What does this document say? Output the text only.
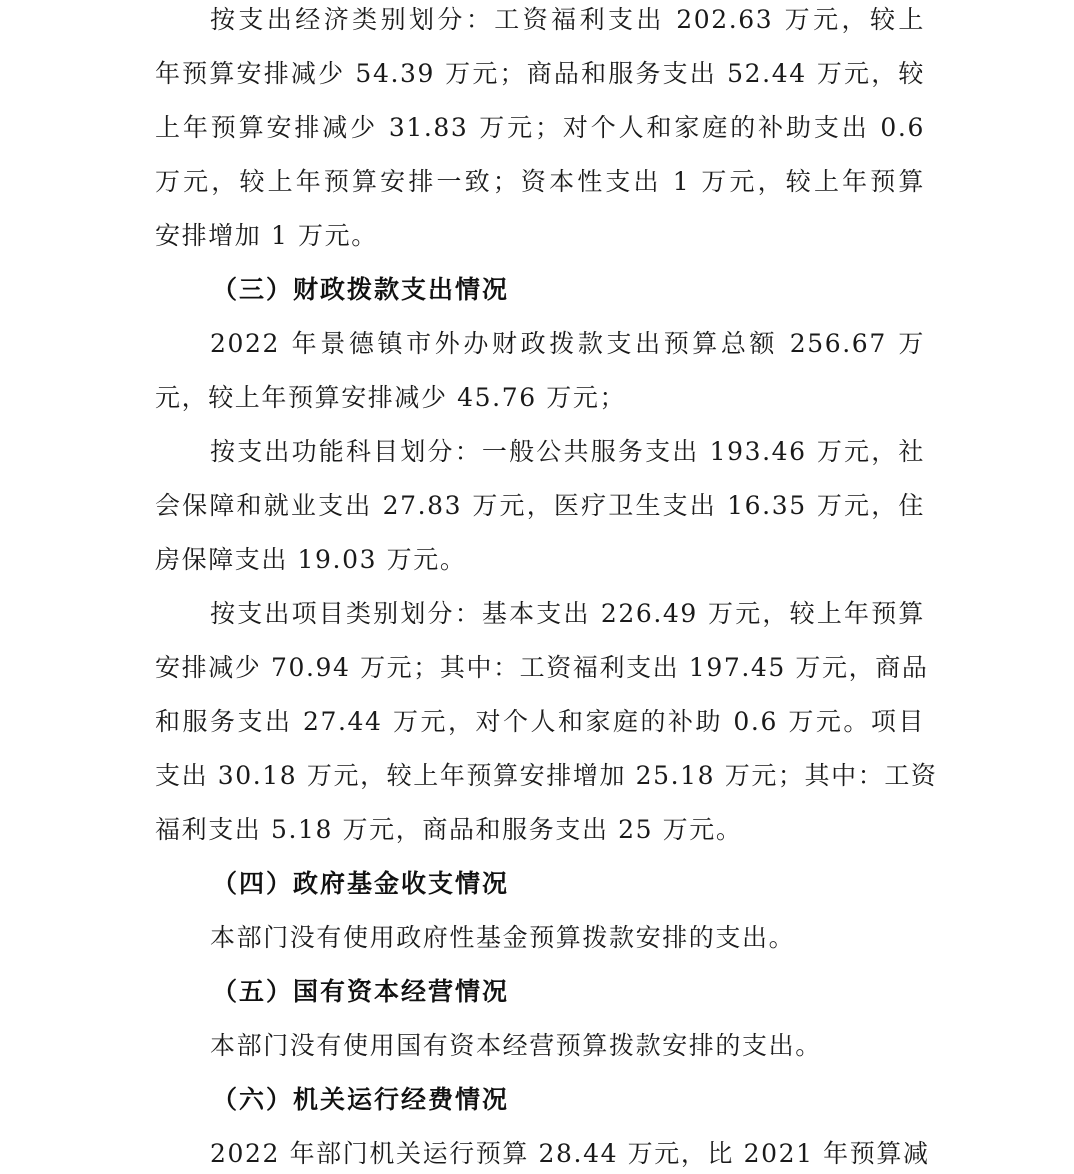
按支出经济类别划分：工资福利支出 202.63 万元，较上
年预算安排减少 54.39 万元；商品和服务支出 52.44 万元，较
上年预算安排减少 31.83 万元；对个人和家庭的补助支出 0.6
万元，较上年预算安排一致；资本性支出 1 万元，较上年预算
安排增加 1 万元。
（三）财政拨款支出情况
2022 年景德镇市外办财政拨款支出预算总额 256.67 万
元，较上年预算安排减少 45.76 万元；
按支出功能科目划分：一般公共服务支出 193.46 万元，社
会保障和就业支出 27.83 万元，医疗卫生支出 16.35 万元，住
房保障支出 19.03 万元。
按支出项目类别划分：基本支出 226.49 万元，较上年预算
安排减少 70.94 万元；其中：工资福利支出 197.45 万元，商品
和服务支出 27.44 万元，对个人和家庭的补助 0.6 万元。项目
支出 30.18 万元，较上年预算安排增加 25.18 万元；其中：工资
福利支出 5.18 万元，商品和服务支出 25 万元。
（四）政府基金收支情况
本部门没有使用政府性基金预算拨款安排的支出。
（五）国有资本经营情况
本部门没有使用国有资本经营预算拨款安排的支出。
（六）机关运行经费情况
2022 年部门机关运行预算 28.44 万元，比 2021 年预算减
